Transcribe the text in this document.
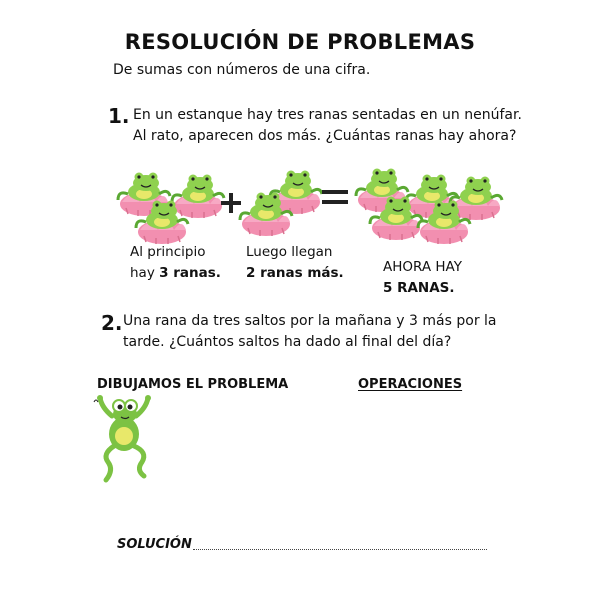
RESOLUCIÓN DE PROBLEMAS
De sumas con números de una cifra.
1. En un estanque hay tres ranas sentadas en un nenúfar.
Al rato, aparecen dos más. ¿Cuántas ranas hay ahora?
Al principio
hay 3 ranas.
Luego llegan
2 ranas más.	AHORA HAY
5 RANAS.
2. Una rana da tres saltos por la mañana y 3 más por la
tarde. ¿Cuántos saltos ha dado al final del día?
DIBUJAMOS EL PROBLEMA	OPERACIONES
SOLUCIÓN
